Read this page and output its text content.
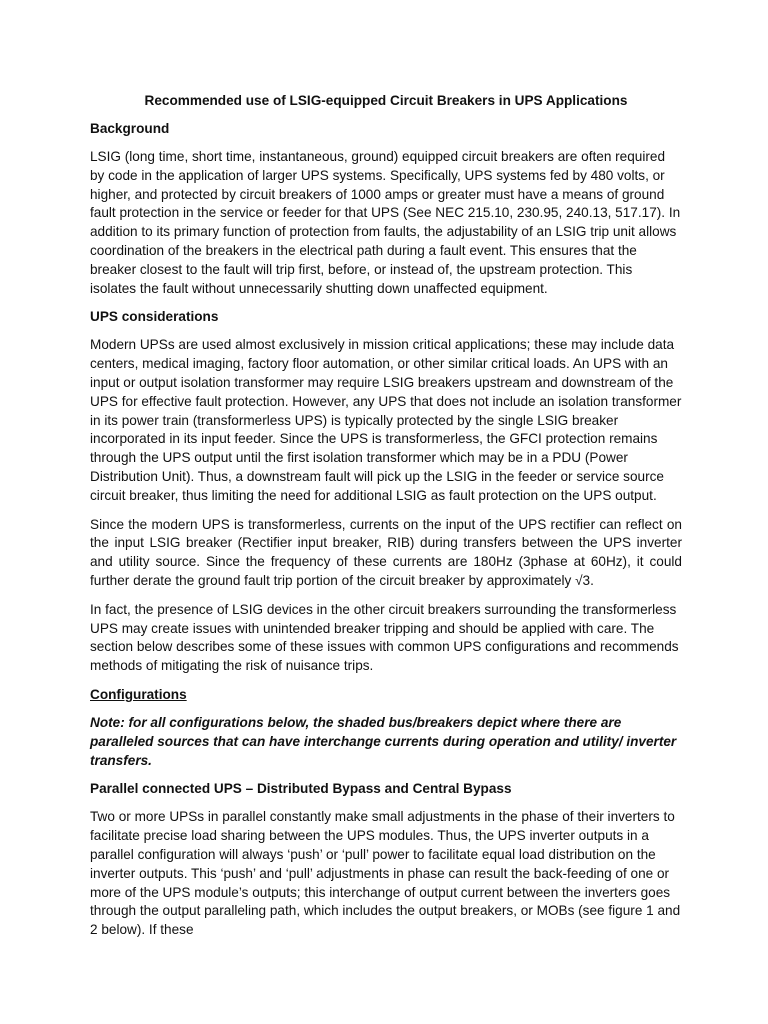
Recommended use of LSIG-equipped Circuit Breakers in UPS Applications
Background

LSIG (long time, short time, instantaneous, ground) equipped circuit breakers are often required by code in the application of larger UPS systems. Specifically, UPS systems fed by 480 volts, or higher, and protected by circuit breakers of 1000 amps or greater must have a means of ground fault protection in the service or feeder for that UPS (See NEC 215.10, 230.95, 240.13, 517.17). In addition to its primary function of protection from faults, the adjustability of an LSIG trip unit allows coordination of the breakers in the electrical path during a fault event. This ensures that the breaker closest to the fault will trip first, before, or instead of, the upstream protection. This isolates the fault without unnecessarily shutting down unaffected equipment.

UPS considerations

Modern UPSs are used almost exclusively in mission critical applications; these may include data centers, medical imaging, factory floor automation, or other similar critical loads. An UPS with an input or output isolation transformer may require LSIG breakers upstream and downstream of the UPS for effective fault protection. However, any UPS that does not include an isolation transformer in its power train (transformerless UPS) is typically protected by the single LSIG breaker incorporated in its input feeder. Since the UPS is transformerless, the GFCI protection remains through the UPS output until the first isolation transformer which may be in a PDU (Power Distribution Unit). Thus, a downstream fault will pick up the LSIG in the feeder or service source circuit breaker, thus limiting the need for additional LSIG as fault protection on the UPS output.

Since the modern UPS is transformerless, currents on the input of the UPS rectifier can reflect on the input LSIG breaker (Rectifier input breaker, RIB) during transfers between the UPS inverter and utility source. Since the frequency of these currents are 180Hz (3phase at 60Hz), it could further derate the ground fault trip portion of the circuit breaker by approximately √3.

In fact, the presence of LSIG devices in the other circuit breakers surrounding the transformerless UPS may create issues with unintended breaker tripping and should be applied with care. The section below describes some of these issues with common UPS configurations and recommends methods of mitigating the risk of nuisance trips.

Configurations

Note: for all configurations below, the shaded bus/breakers depict where there are paralleled sources that can have interchange currents during operation and utility/ inverter transfers.

Parallel connected UPS – Distributed Bypass and Central Bypass

Two or more UPSs in parallel constantly make small adjustments in the phase of their inverters to facilitate precise load sharing between the UPS modules. Thus, the UPS inverter outputs in a parallel configuration will always ‘push’ or ‘pull’ power to facilitate equal load distribution on the inverter outputs. This ‘push’ and ‘pull’ adjustments in phase can result the back-feeding of one or more of the UPS module’s outputs; this interchange of output current between the inverters goes through the output paralleling path, which includes the output breakers, or MOBs (see figure 1 and 2 below). If these
